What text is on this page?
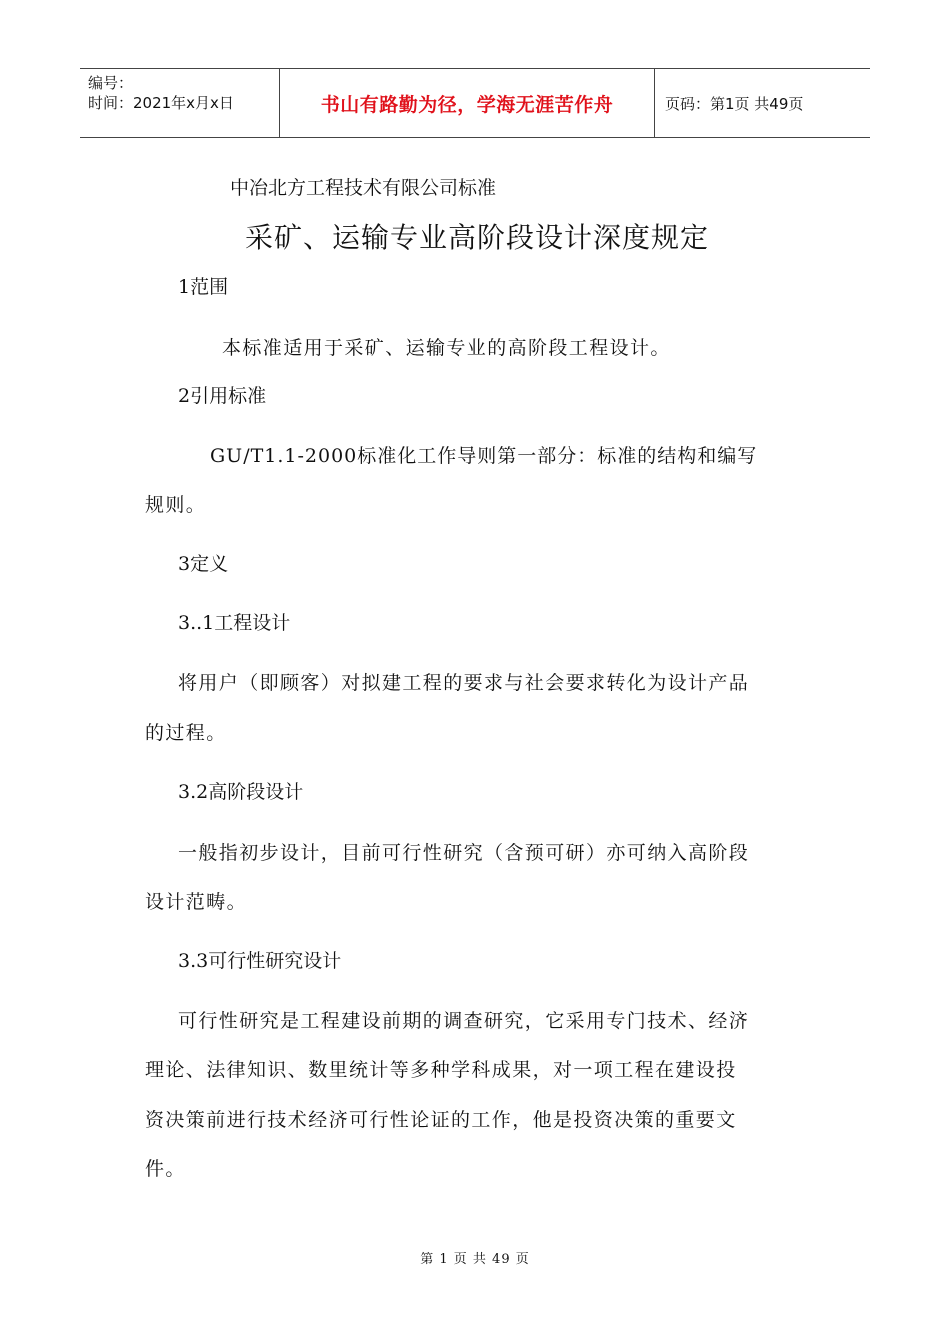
编号：
时间：2021年x月x日	书山有路勤为径，学海无涯苦作舟	页码：第1页 共49页
中冶北方工程技术有限公司标准
采矿、运输专业高阶段设计深度规定
1范围
本标准适用于采矿、运输专业的高阶段工程设计。
2引用标准
GU/T1.1-2000标准化工作导则第一部分：标准的结构和编写
规则。
3定义
3..1工程设计
将用户（即顾客）对拟建工程的要求与社会要求转化为设计产品
的过程。
3.2高阶段设计
一般指初步设计，目前可行性研究（含预可研）亦可纳入高阶段
设计范畴。
3.3可行性研究设计
可行性研究是工程建设前期的调查研究，它采用专门技术、经济
理论、法律知识、数里统计等多种学科成果，对一项工程在建设投
资决策前进行技术经济可行性论证的工作，他是投资决策的重要文
件。
第 1 页 共 49 页
